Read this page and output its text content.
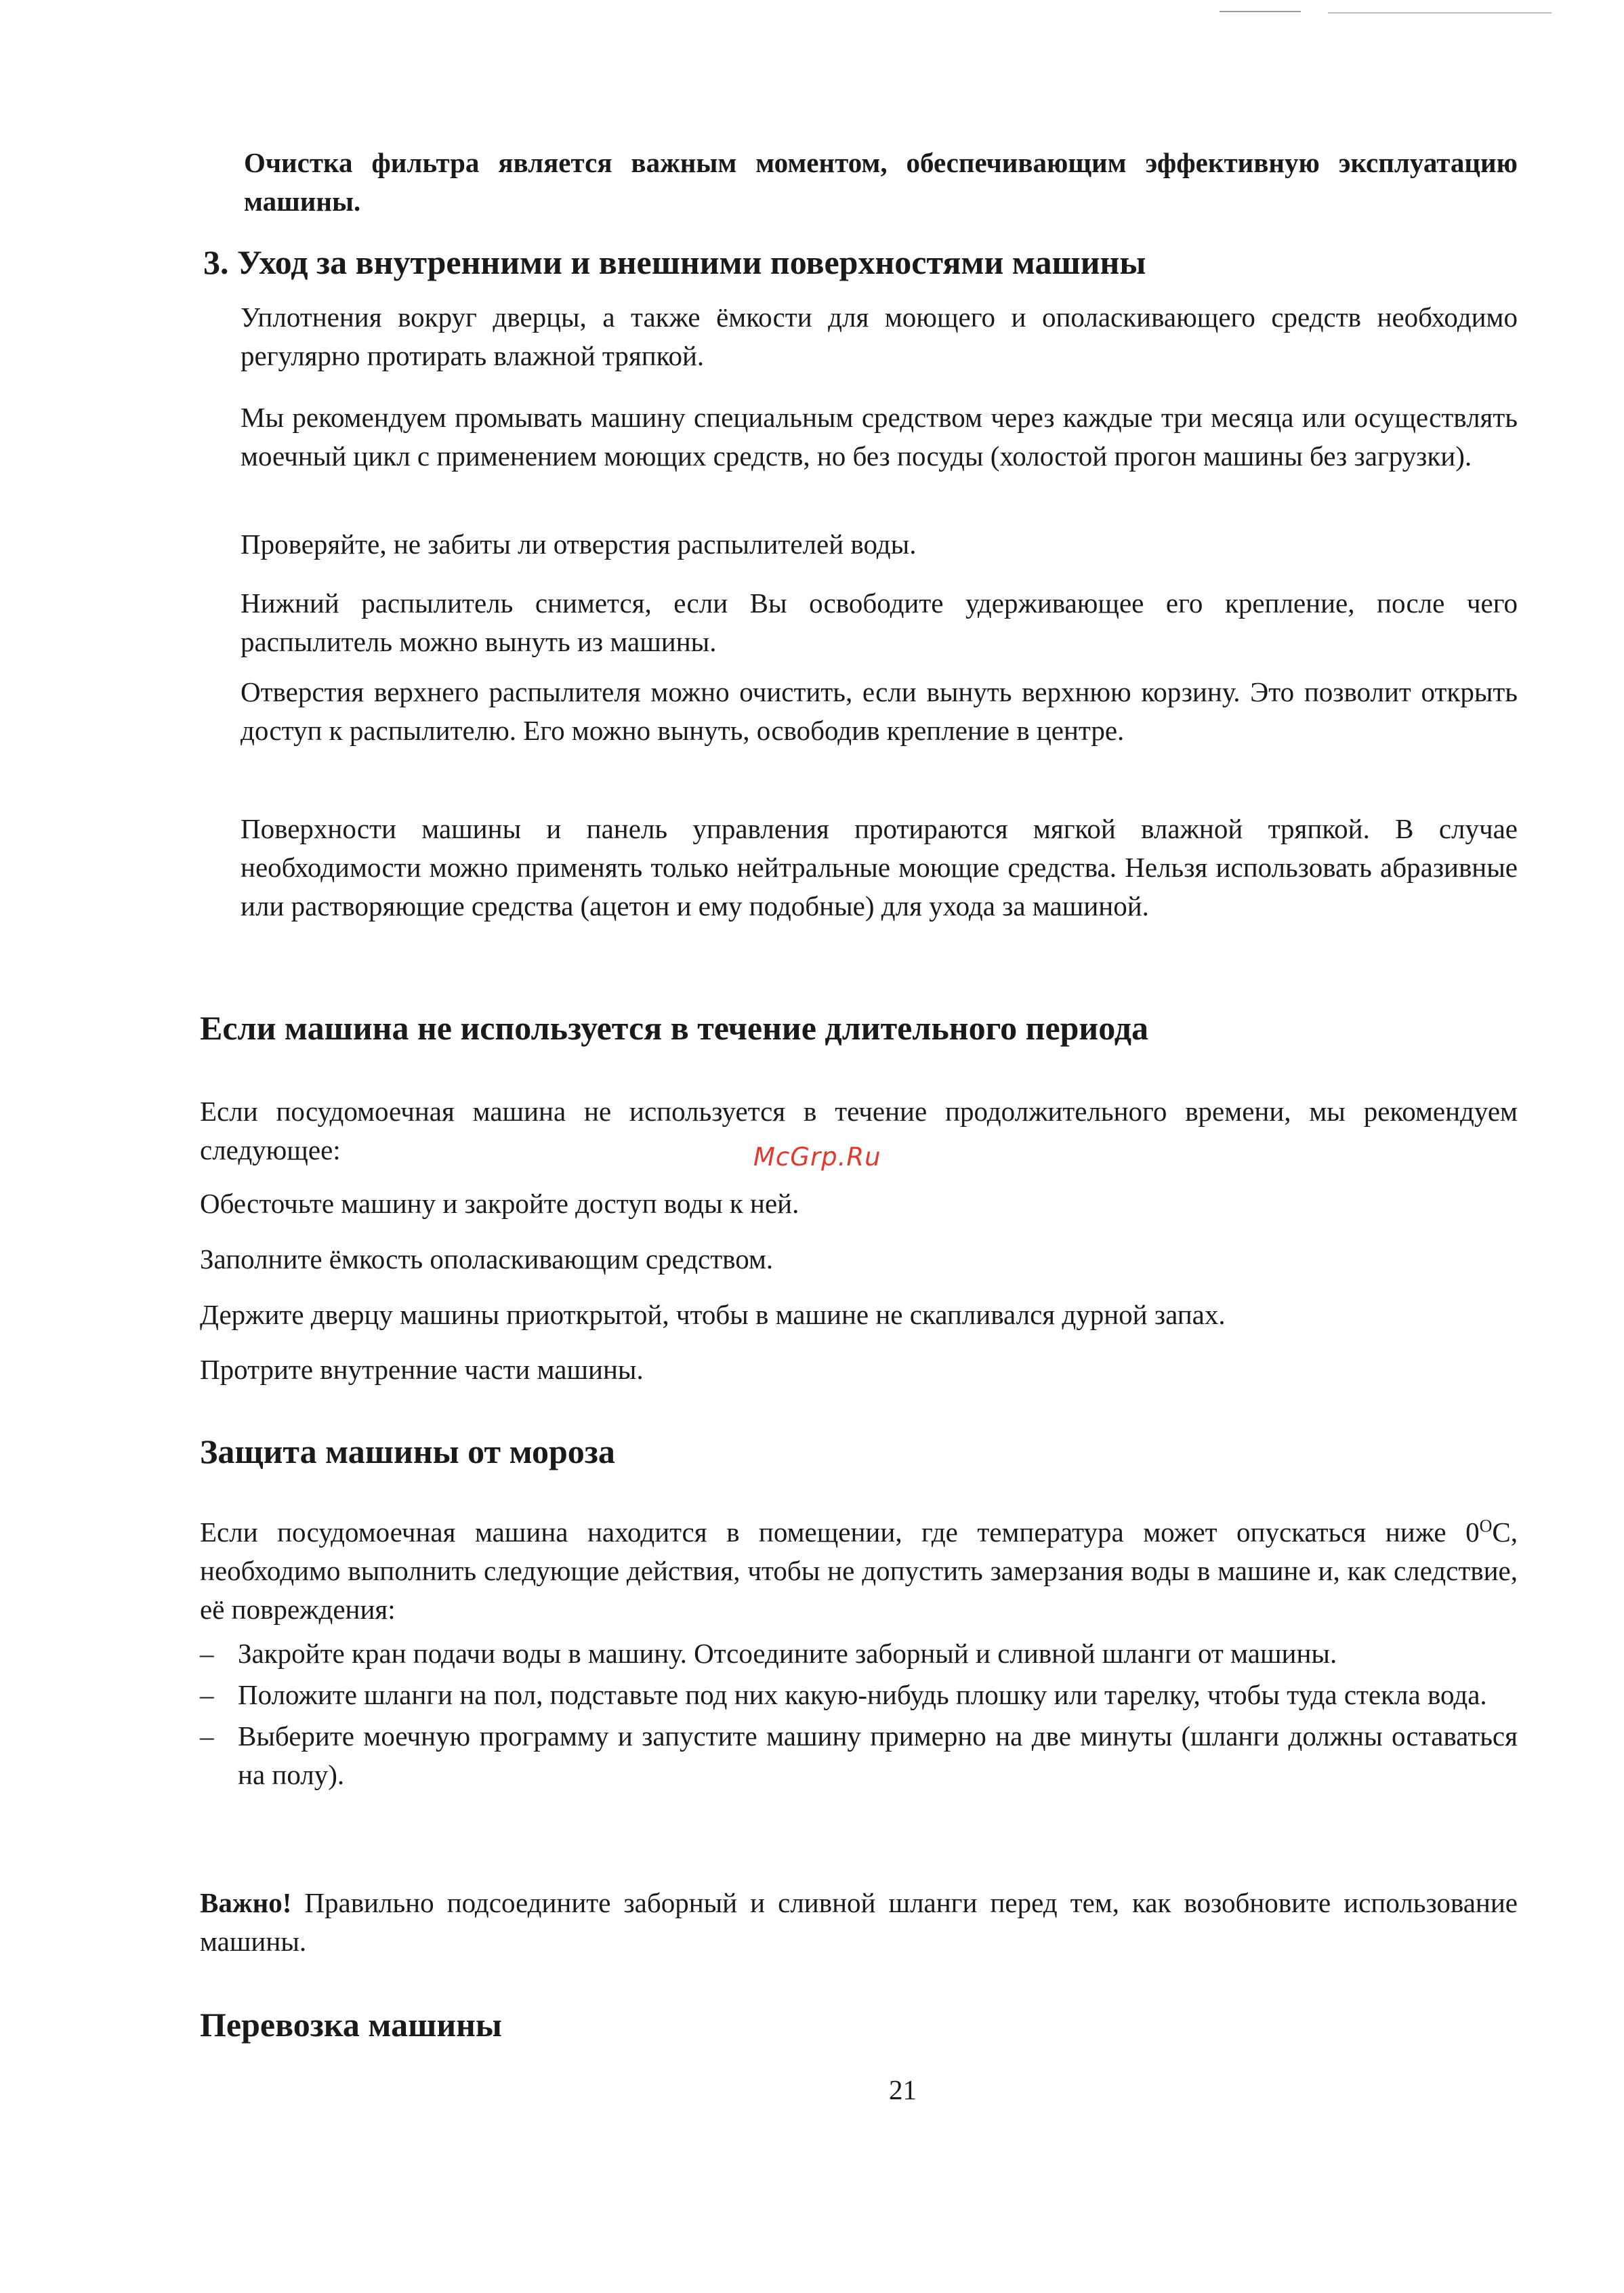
Очистка фильтра является важным моментом, обеспечивающим эффективную эксплуатацию машины.

3. Уход за внутренними и внешними поверхностями машины

Уплотнения вокруг дверцы, а также ёмкости для моющего и ополаскивающего средств необходимо регулярно протирать влажной тряпкой.

Мы рекомендуем промывать машину специальным средством через каждые три месяца или осуществлять моечный цикл с применением моющих средств, но без посуды (холостой прогон машины без загрузки).

Проверяйте, не забиты ли отверстия распылителей воды.

Нижний распылитель снимется, если Вы освободите удерживающее его крепление, после чего распылитель можно вынуть из машины.

Отверстия верхнего распылителя можно очистить, если вынуть верхнюю корзину. Это позволит открыть доступ к распылителю. Его можно вынуть, освободив крепление в центре.

Поверхности машины и панель управления протираются мягкой влажной тряпкой. В случае необходимости можно применять только нейтральные моющие средства. Нельзя использовать абразивные или растворяющие средства (ацетон и ему подобные) для ухода за машиной.

Если машина не используется в течение длительного периода

Если посудомоечная машина не используется в течение продолжительного времени, мы рекомендуем следующее:	McGrp.Ru

Обесточьте машину и закройте доступ воды к ней.

Заполните ёмкость ополаскивающим средством.

Держите дверцу машины приоткрытой, чтобы в машине не скапливался дурной запах.

Протрите внутренние части машины.

Защита машины от мороза

Если посудомоечная машина находится в помещении, где температура может опускаться ниже $0^OC$, необходимо выполнить следующие действия, чтобы не допустить замерзания воды в машине и, как следствие, её повреждения:

– Закройте кран подачи воды в машину. Отсоедините заборный и сливной шланги от машины.
– Положите шланги на пол, подставьте под них какую-нибудь плошку или тарелку, чтобы туда стекла вода.
– Выберите моечную программу и запустите машину примерно на две минуты (шланги должны оставаться на полу).

Важно! Правильно подсоедините заборный и сливной шланги перед тем, как возобновите использование машины.

Перевозка машины
21
